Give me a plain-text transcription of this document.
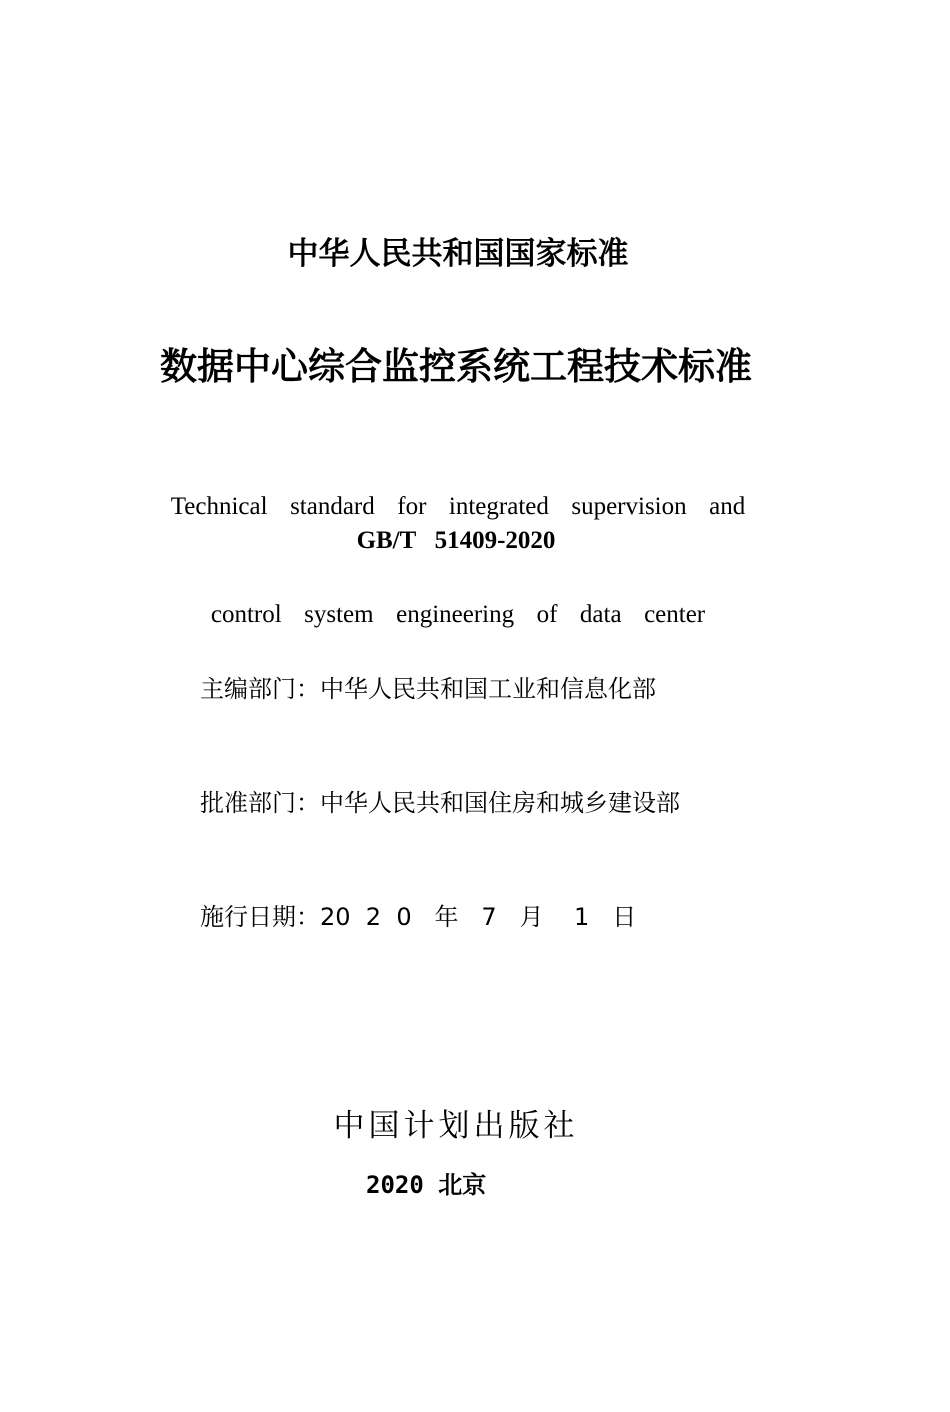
中华人民共和国国家标准
数据中心综合监控系统工程技术标准

Technical  standard  for  integrated  supervision  and

control  system  engineering  of  data  center

GB/T   51409-2020

主编部门：中华人民共和国工业和信息化部

批准部门：中华人民共和国住房和城乡建设部

施行日期：20  2  0   年   7   月    1   日

中国计划出版社
2020 北京
